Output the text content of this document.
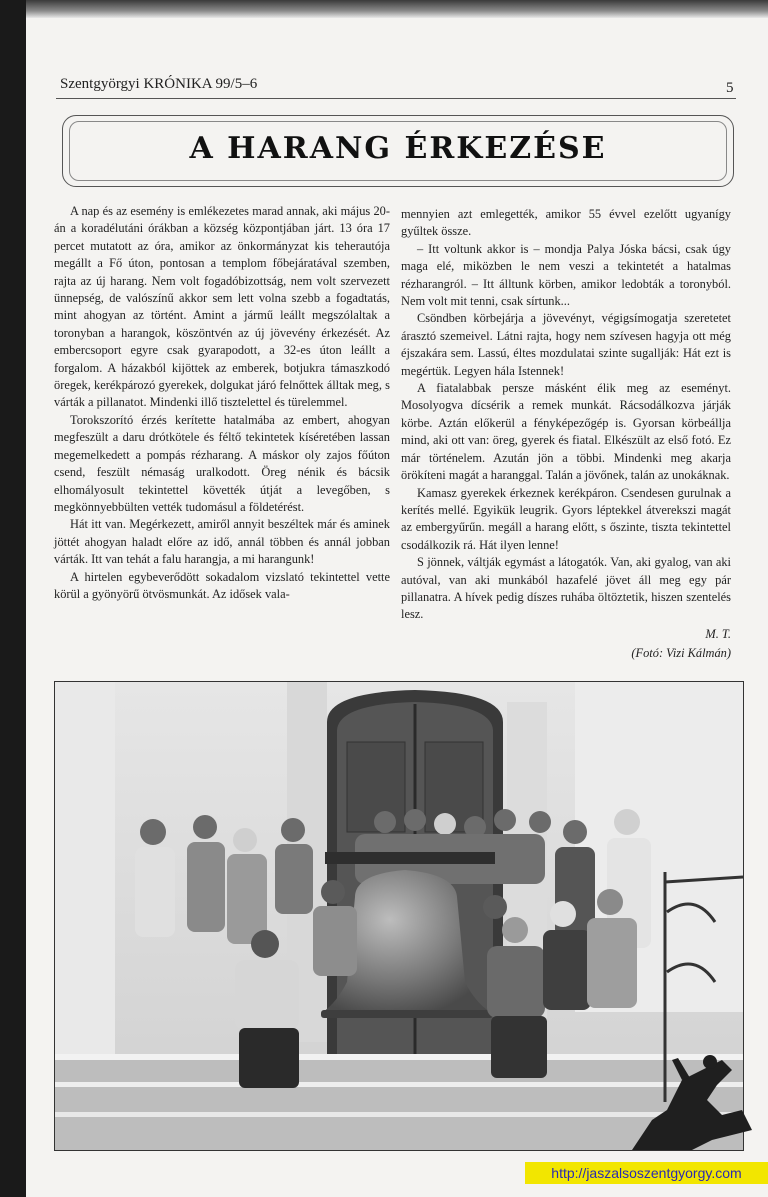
Szentgyörgyi KRÓNIKA 99/5–6	5
A HARANG ÉRKEZÉSE

A nap és az esemény is emlékezetes marad annak, aki május 20-án a koradélutáni órákban a község központjában járt. 13 óra 17 percet mutatott az óra, amikor az önkormányzat kis teherautója megállt a Fő úton, pontosan a templom főbejáratával szemben, rajta az új harang. Nem volt fogadóbizottság, nem volt szervezett ünnepség, de valószínű akkor sem lett volna szebb a fogadtatás, mint ahogyan az történt. Amint a jármű leállt megszólaltak a toronyban a harangok, köszöntvén az új jövevény érkezését. Az embercsoport egyre csak gyarapodott, a 32-es úton leállt a forgalom. A házakból kijöttek az emberek, botjukra támaszkodó öregek, kerékpározó gyerekek, dolgukat járó felnőttek álltak meg, s várták a pillanatot. Mindenki illő tisztelettel és türelemmel.

Torokszorító érzés kerítette hatalmába az embert, ahogyan megfeszült a daru drótkötele és féltő tekintetek kíséretében lassan megemelkedett a pompás rézharang. A máskor oly zajos főúton csend, feszült némaság uralkodott. Öreg nénik és bácsik elhomályosult tekintettel követték útját a levegőben, s megkönnyebbülten vették tudomásul a földetérést.

Hát itt van. Megérkezett, amiről annyit beszéltek már és aminek jöttét ahogyan haladt előre az idő, annál többen és annál jobban várták. Itt van tehát a falu harangja, a mi harangunk!

A hirtelen egybeverődött sokadalom vizslató tekintettel vette körül a gyönyörű ötvösmunkát. Az idősek vala-

mennyien azt emlegették, amikor 55 évvel ezelőtt ugyanígy gyűltek össze.

– Itt voltunk akkor is – mondja Palya Jóska bácsi, csak úgy maga elé, miközben le nem veszi a tekintetét a hatalmas rézharangról. – Itt álltunk körben, amikor ledobták a toronyból. Nem volt mit tenni, csak sírtunk...

Csöndben körbejárja a jövevényt, végigsímogatja szeretetet árasztó szemeivel. Látni rajta, hogy nem szívesen hagyja ott még éjszakára sem. Lassú, éltes mozdulatai szinte sugallják: Hát ezt is megértük. Legyen hála Istennek!

A fiatalabbak persze másként élik meg az eseményt. Mosolyogva dícsérik a remek munkát. Rácsodálkozva járják körbe. Aztán előkerül a fényképezőgép is. Gyorsan körbeállja mind, aki ott van: öreg, gyerek és fiatal. Elkészült az első fotó. Ez már történelem. Azután jön a többi. Mindenki meg akarja örökíteni magát a haranggal. Talán a jövőnek, talán az unokáknak.

Kamasz gyerekek érkeznek kerékpáron. Csendesen gurulnak a kerítés mellé. Egyikük leugrik. Gyors léptekkel átverekszi magát az embergyűrűn. megáll a harang előtt, s őszinte, tiszta tekintettel csodálkozik rá. Hát ilyen lenne!

S jönnek, váltják egymást a látogatók. Van, aki gyalog, van aki autóval, van aki munkából hazafelé jövet áll meg egy pár pillanatra. A hívek pedig díszes ruhába öltöztetik, hiszen szentelés lesz.

M. T.
(Fotó: Vizi Kálmán)
http://jaszalsoszentgyorgy.com
